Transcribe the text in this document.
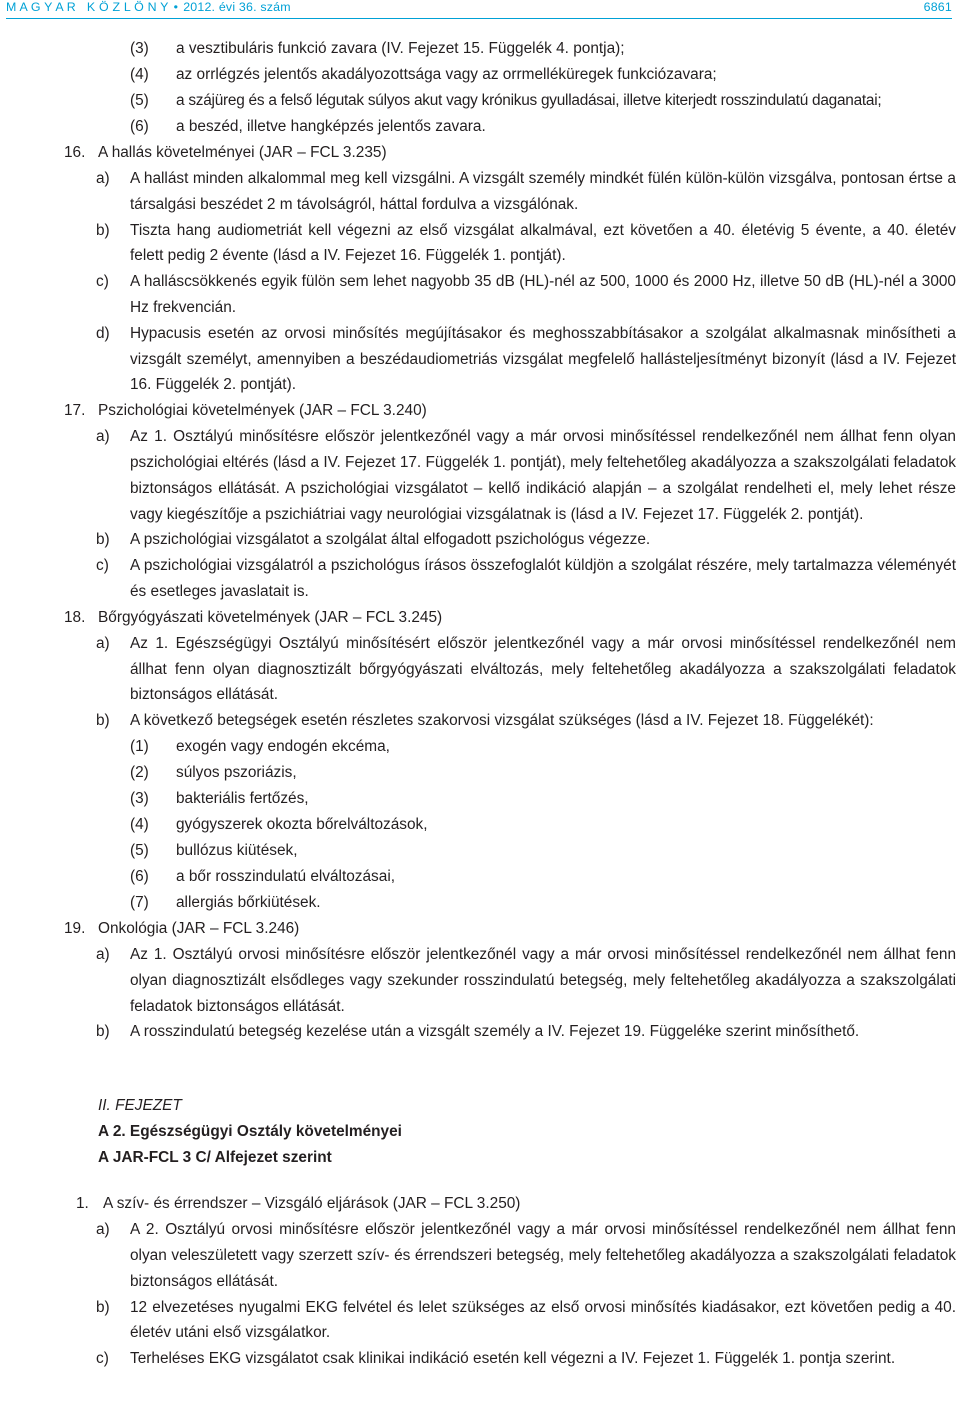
M A G Y A R   K Ö Z L Ö N Y • 2012. évi 36. szám	6861
(3) a vesztibuláris funkció zavara (IV. Fejezet 15. Függelék 4. pontja);
(4) az orrlégzés jelentős akadályozottsága vagy az orrmelléküregek funkciózavara;
(5) a szájüreg és a felső légutak súlyos akut vagy krónikus gyulladásai, illetve kiterjedt rosszindulatú daganatai;
(6) a beszéd, illetve hangképzés jelentős zavara.
16. A hallás követelményei (JAR – FCL 3.235)
a) A hallást minden alkalommal meg kell vizsgálni. A vizsgált személy mindkét fülén külön-külön vizsgálva, pontosan értse a társalgási beszédet 2 m távolságról, háttal fordulva a vizsgálónak.
b) Tiszta hang audiometriát kell végezni az első vizsgálat alkalmával, ezt követően a 40. életévig 5 évente, a 40. életév felett pedig 2 évente (lásd a IV. Fejezet 16. Függelék 1. pontját).
c) A halláscsökkenés egyik fülön sem lehet nagyobb 35 dB (HL)-nél az 500, 1000 és 2000 Hz, illetve 50 dB (HL)-nél a 3000 Hz frekvencián.
d) Hypacusis esetén az orvosi minősítés megújításakor és meghosszabbításakor a szolgálat alkalmasnak minősítheti a vizsgált személyt, amennyiben a beszédaudiometriás vizsgálat megfelelő hallásteljesítményt bizonyít (lásd a IV. Fejezet 16. Függelék 2. pontját).
17. Pszichológiai követelmények (JAR – FCL 3.240)
a) Az 1. Osztályú minősítésre először jelentkezőnél vagy a már orvosi minősítéssel rendelkezőnél nem állhat fenn olyan pszichológiai eltérés (lásd a IV. Fejezet 17. Függelék 1. pontját), mely feltehetőleg akadályozza a szakszolgálati feladatok biztonságos ellátását. A pszichológiai vizsgálatot – kellő indikáció alapján – a szolgálat rendelheti el, mely lehet része vagy kiegészítője a pszichiátriai vagy neurológiai vizsgálatnak is (lásd a IV. Fejezet 17. Függelék 2. pontját).
b) A pszichológiai vizsgálatot a szolgálat által elfogadott pszichológus végezze.
c) A pszichológiai vizsgálatról a pszichológus írásos összefoglalót küldjön a szolgálat részére, mely tartalmazza véleményét és esetleges javaslatait is.
18. Bőrgyógyászati követelmények (JAR – FCL 3.245)
a) Az 1. Egészségügyi Osztályú minősítésért először jelentkezőnél vagy a már orvosi minősítéssel rendelkezőnél nem állhat fenn olyan diagnosztizált bőrgyógyászati elváltozás, mely feltehetőleg akadályozza a szakszolgálati feladatok biztonságos ellátását.
b) A következő betegségek esetén részletes szakorvosi vizsgálat szükséges (lásd a IV. Fejezet 18. Függelékét):
(1) exogén vagy endogén ekcéma,
(2) súlyos pszoriázis,
(3) bakteriális fertőzés,
(4) gyógyszerek okozta bőrelváltozások,
(5) bullózus kiütések,
(6) a bőr rosszindulatú elváltozásai,
(7) allergiás bőrkiütések.
19. Onkológia (JAR – FCL 3.246)
a) Az 1. Osztályú orvosi minősítésre először jelentkezőnél vagy a már orvosi minősítéssel rendelkezőnél nem állhat fenn olyan diagnosztizált elsődleges vagy szekunder rosszindulatú betegség, mely feltehetőleg akadályozza a szakszolgálati feladatok biztonságos ellátását.
b) A rosszindulatú betegség kezelése után a vizsgált személy a IV. Fejezet 19. Függeléke szerint minősíthető.
II. FEJEZET
A 2. Egészségügyi Osztály követelményei
A JAR-FCL 3 C/ Alfejezet szerint
1. A szív- és érrendszer – Vizsgáló eljárások (JAR – FCL 3.250)
a) A 2. Osztályú orvosi minősítésre először jelentkezőnél vagy a már orvosi minősítéssel rendelkezőnél nem állhat fenn olyan veleszületett vagy szerzett szív- és érrendszeri betegség, mely feltehetőleg akadályozza a szakszolgálati feladatok biztonságos ellátását.
b) 12 elvezetéses nyugalmi EKG felvétel és lelet szükséges az első orvosi minősítés kiadásakor, ezt követően pedig a 40. életév utáni első vizsgálatkor.
c) Terheléses EKG vizsgálatot csak klinikai indikáció esetén kell végezni a IV. Fejezet 1. Függelék 1. pontja szerint.
